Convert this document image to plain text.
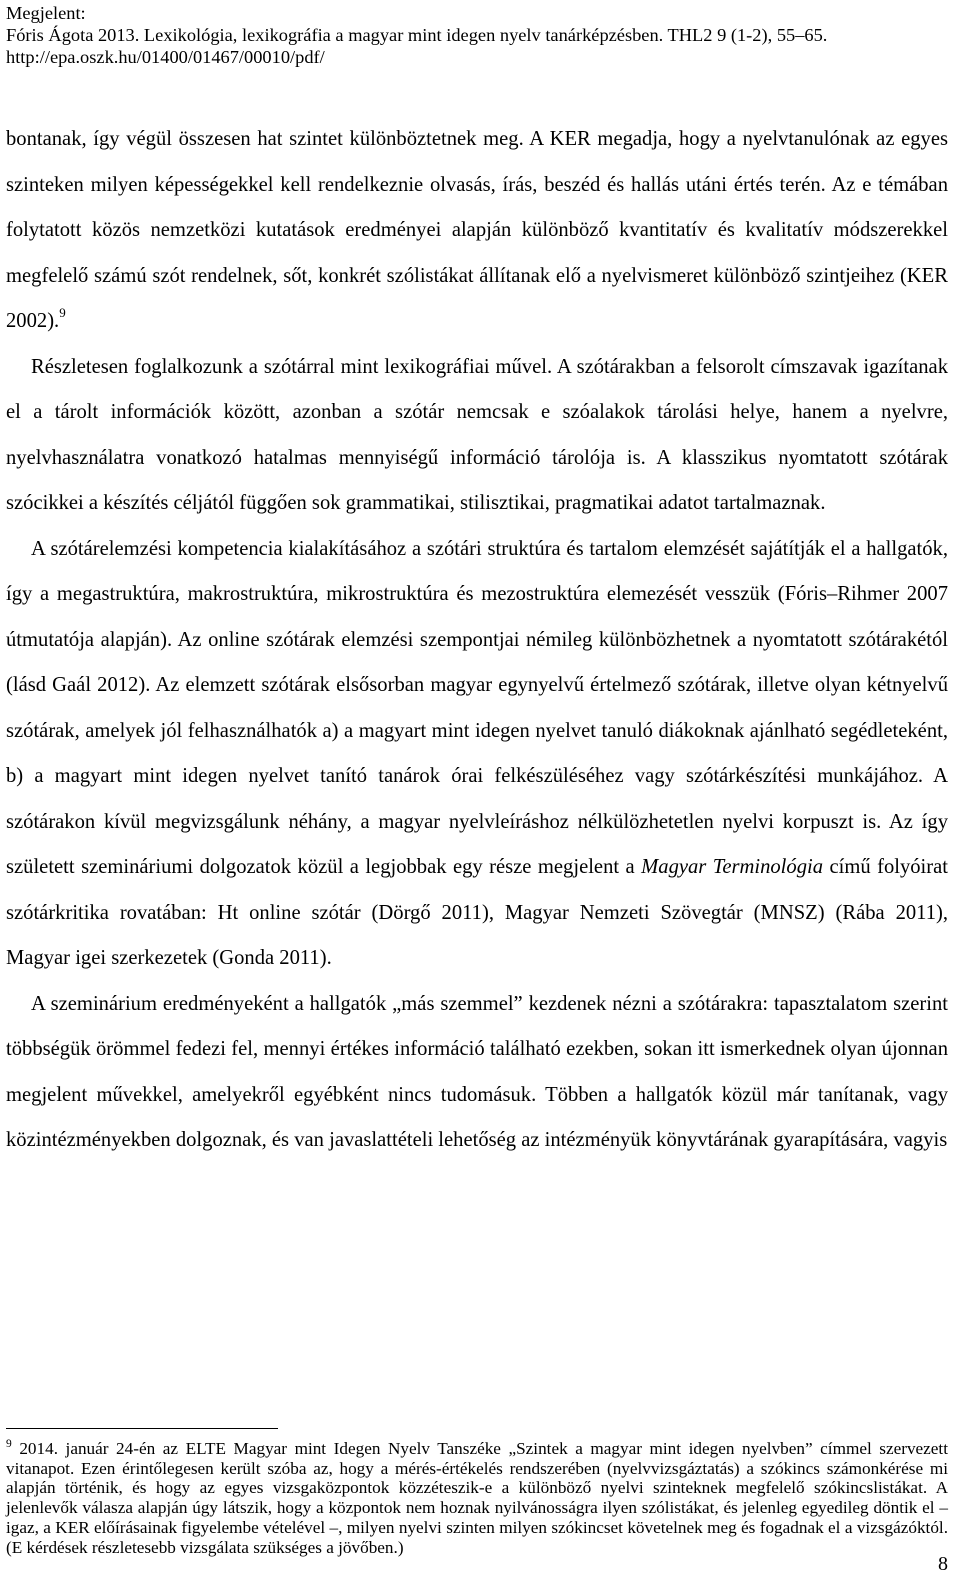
Megjelent:
Fóris Ágota 2013. Lexikológia, lexikográfia a magyar mint idegen nyelv tanárképzésben. THL2 9 (1-2), 55–65.
http://epa.oszk.hu/01400/01467/00010/pdf/

bontanak, így végül összesen hat szintet különböztetnek meg. A KER megadja, hogy a nyelvtanulónak az egyes szinteken milyen képességekkel kell rendelkeznie olvasás, írás, beszéd és hallás utáni értés terén. Az e témában folytatott közös nemzetközi kutatások eredményei alapján különböző kvantitatív és kvalitatív módszerekkel megfelelő számú szót rendelnek, sőt, konkrét szólistákat állítanak elő a nyelvismeret különböző szintjeihez (KER 2002).$^9$

Részletesen foglalkozunk a szótárral mint lexikográfiai művel. A szótárakban a felsorolt címszavak igazítanak el a tárolt információk között, azonban a szótár nemcsak e szóalakok tárolási helye, hanem a nyelvre, nyelvhasználatra vonatkozó hatalmas mennyiségű információ tárolója is. A klasszikus nyomtatott szótárak szócikkei a készítés céljától függően sok grammatikai, stilisztikai, pragmatikai adatot tartalmaznak.

A szótárelemzési kompetencia kialakításához a szótári struktúra és tartalom elemzését sajátítják el a hallgatók, így a megastruktúra, makrostruktúra, mikrostruktúra és mezostruktúra elemezését vesszük (Fóris–Rihmer 2007 útmutatója alapján). Az online szótárak elemzési szempontjai némileg különbözhetnek a nyomtatott szótárakétól (lásd Gaál 2012). Az elemzett szótárak elsősorban magyar egynyelvű értelmező szótárak, illetve olyan kétnyelvű szótárak, amelyek jól felhasználhatók a) a magyart mint idegen nyelvet tanuló diákoknak ajánlható segédleteként, b) a magyart mint idegen nyelvet tanító tanárok órai felkészüléséhez vagy szótárkészítési munkájához. A szótárakon kívül megvizsgálunk néhány, a magyar nyelvleíráshoz nélkülözhetetlen nyelvi korpuszt is. Az így született szemináriumi dolgozatok közül a legjobbak egy része megjelent a Magyar Terminológia című folyóirat szótárkritika rovatában: Ht online szótár (Dörgő 2011), Magyar Nemzeti Szövegtár (MNSZ) (Rába 2011), Magyar igei szerkezetek (Gonda 2011).

A szeminárium eredményeként a hallgatók „más szemmel” kezdenek nézni a szótárakra: tapasztalatom szerint többségük örömmel fedezi fel, mennyi értékes információ található ezekben, sokan itt ismerkednek olyan újonnan megjelent művekkel, amelyekről egyébként nincs tudomásuk. Többen a hallgatók közül már tanítanak, vagy közintézményekben dolgoznak, és van javaslattételi lehetőség az intézményük könyvtárának gyarapítására, vagyis

$^9$ 2014. január 24-én az ELTE Magyar mint Idegen Nyelv Tanszéke „Szintek a magyar mint idegen nyelvben” címmel szervezett vitanapot. Ezen érintőlegesen került szóba az, hogy a mérés-értékelés rendszerében (nyelvvizsgáztatás) a szókincs számonkérése mi alapján történik, és hogy az egyes vizsgaközpontok közzéteszik-e a különböző nyelvi szinteknek megfelelő szókincslistákat. A jelenlevők válasza alapján úgy látszik, hogy a központok nem hoznak nyilvánosságra ilyen szólistákat, és jelenleg egyedileg döntik el – igaz, a KER előírásainak figyelembe vételével –, milyen nyelvi szinten milyen szókincset követelnek meg és fogadnak el a vizsgázóktól. (E kérdések részletesebb vizsgálata szükséges a jövőben.)
8
